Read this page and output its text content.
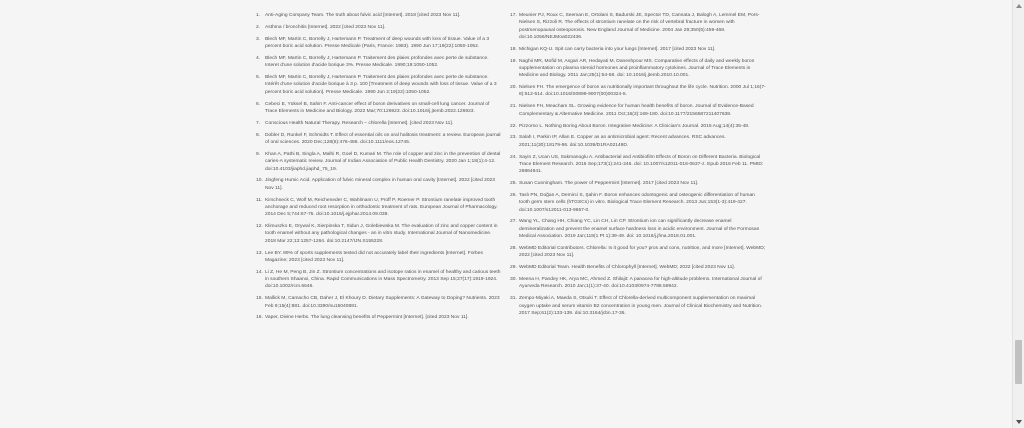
1.	Anti-Aging Company Team. The truth about fulvic acid [Internet]. 2018 [cited 2023 Nov 11].
2.	Asthma / bronchitis [Internet]. 2022 [cited 2023 Nov 11].
3.	Blech MF, Martin C, Borrelly J, Hartemann P. Treatment of deep wounds with loss of tissue. Value of a 3 percent boric acid solution. Presse Medicale (Paris, France: 1983). 1990 Jun 17;19(22):1050-1052.
4.	Blech MF, Martin C, Borrelly J, Hartemann P. Traitement des plaies profondes avec perte de substance. Interet d'une solution d'acide borique 3%. Presse Medicale. 1990;19:1050-1052.
5.	Blech MF, Martin C, Borrelly J, Hartemann P. Traitement des plaies profondes avec perte de substance. Intérêt d'une solution d'acide borique à 3 p. 100 [Treatment of deep wounds with loss of tissue. Value of a 3 percent boric acid solution]. Presse Medicale. 1990 Jun 2;19(22):1050-1052.
6.	Cebeci E, Yüksel B, Sahin F. Anti-cancer effect of boron derivatives on small-cell lung cancer. Journal of Trace Elements in Medicine and Biology. 2022 Mar;70:126923. doi:10.1016/j.jtemb.2022.126923.
7.	Conscious Health Natural Therapy. Research – chlorella [Internet]. [cited 2023 Nov 11].
8.	Dobler D, Runkel F, Schmidts T. Effect of essential oils on oral halitosis treatment: a review. European journal of oral sciences. 2020 Dec;128(6):476-486. doi:10.1111/eos.12745.
9.	Khan A, Pathi B, Singla A, Malhi R, Goel D, Kumari M. The role of copper and zinc in the prevention of dental caries-A systematic review. Journal of Indian Association of Public Health Dentistry. 2020 Jan 1;18(1):4-12. doi:10.4103/jiaphd.jiaphd_75_19.
10. Jingfeng Humic Acid. Application of fulvic mineral complex in human oral cavity [Internet]. 2022 [cited 2023 Nov 11].
11. Kirschneck C, Wolf M, Reicheneder C, Wahlmann U, Proff P, Roemer P. Strontium ranelate improved tooth anchorage and reduced root resorption in orthodontic treatment of rats. European Journal of Pharmacology. 2014 Dec 5;744:67-75. doi:10.1016/j.ejphar.2014.09.039.
12. Klimuszko E, Orywal K, Sierpinska T, Sidun J, Golebiewska M. The evaluation of zinc and copper content in tooth enamel without any pathological changes - an in vitro study. International Journal of Nanomedicine. 2018 Mar 22;13:1257-1264. doi:10.2147/IJN.S155228.
13. Lee BY. 89% of sports supplements tested did not accurately label their ingredients [Internet]. Forbes Magazine; 2023 [cited 2023 Nov 11].
14. Li Z, He M, Peng B, Jin Z. Strontium concentrations and isotope ratios in enamel of healthy and carious teeth in southern Shaanxi, China. Rapid Communications in Mass Spectrometry. 2013 Sep 15;27(17):1919-1924. doi:10.1002/rcm.6646.
15. Mallick M, Camacho CB, Daher J, El Khoury D. Dietary Supplements: A Gateway to Doping? Nutrients. 2023 Feb 9;15(4):881. doi:10.3390/nu15040881.
16. Vaper, Divine Herbs. The lung cleansing benefits of Peppermint [Internet]. [cited 2023 Nov 11].
17. Meunier PJ, Roux C, Seeman E, Ortolani S, Badurski JE, Spector TD, Cannata J, Balogh A, Lemmel EM, Pors-Nielsen S, Rizzoli R. The effects of strontium ranelate on the risk of vertebral fracture in women with postmenopausal osteoporosis. New England Journal of Medicine. 2004 Jan 29;350(5):459-468. doi:10.1056/NEJMoa022436.
18. Michigan KQ-U. Spit can carry bacteria into your lungs [Internet]. 2017 [cited 2023 Nov 11].
19. Naghii MR, Mofid M, Asgari AR, Hedayati M, Daneshpour MS. Comparative effects of daily and weekly boron supplementation on plasma steroid hormones and proinflammatory cytokines. Journal of Trace Elements in Medicine and Biology. 2011 Jan;25(1):54-58. doi: 10.1016/j.jtemb.2010.10.001.
20. Nielsen FH. The emergence of boron as nutritionally important throughout the life cycle. Nutrition. 2000 Jul 1;16(7-8):512-514. doi:10.1016/S0899-9007(00)00324-5.
21. Nielsen FH, Meacham SL. Growing evidence for human health benefits of boron. Journal of Evidence-Based Complementary & Alternative Medicine. 2011 Oct;16(3):169-180. doi:10.1177/2156587211407638.
22. Pizzorno L. Nothing Boring About Boron. Integrative Medicine: A Clinician's Journal. 2015 Aug;14(4):35-48.
23. Salah I, Parkin IP, Allan E. Copper as an antimicrobial agent: Recent advances. RSC advances. 2021;11(30):18179-86. doi:10.1039/D1RA02149D.
24. Sayin Z, Ucan US, Sakmanoglu A. Antibacterial and Antibiofilm Effects of Boron on Different Bacteria. Biological Trace Element Research. 2016 Sep;173(1):241-246. doi: 10.1007/s12011-016-0637-z. Epub 2016 Feb 11. PMID: 26864941.
25. Susan Cunningham. The power of Peppermint [Internet]. 2017 [cited 2023 Nov 11].
26. Taslı PN, Doğan A, Demirci S, Şahin F. Boron enhances odontogenic and osteogenic differentiation of human tooth germ stem cells (hTGSCs) in vitro. Biological Trace Element Research. 2013 Jun;153(1-3):419-427. doi:10.1007/s12011-013-9657-0.
27. Wang YL, Chang HH, Chiang YC, Lin CH, Lin CP. Strontium ion can significantly decrease enamel demineralization and prevent the enamel surface hardness loss in acidic environment. Journal of the Formosan Medical Association. 2019 Jan;118(1 Pt 1):39-49. doi: 10.1016/j.jfma.2018.01.001.
28. WebMD Editorial Contributors. Chlorella: Is it good for you? pros and cons, nutrition, and more [Internet]. WebMD; 2022 [cited 2023 Nov 11].
29. WebMD Editorial Team. Health Benefits of Chlorophyll [Internet]. WebMD; 2022 [cited 2023 Nov 11].
30. Meena H, Pandey HK, Arya MC, Ahmed Z. Shilajit: A panacea for high-altitude problems. International Journal of Ayurveda Research. 2010 Jan;1(1):37-40. doi:10.4103/0974-7788.59942.
31. Zempo-Miyaki A, Maeda S, Otsuki T. Effect of Chlorella-derived multicomponent supplementation on maximal oxygen uptake and serum vitamin B2 concentration in young men. Journal of Clinical Biochemistry and Nutrition. 2017 Sep;61(2):133-139. doi:10.3164/jcbn.17-36.
